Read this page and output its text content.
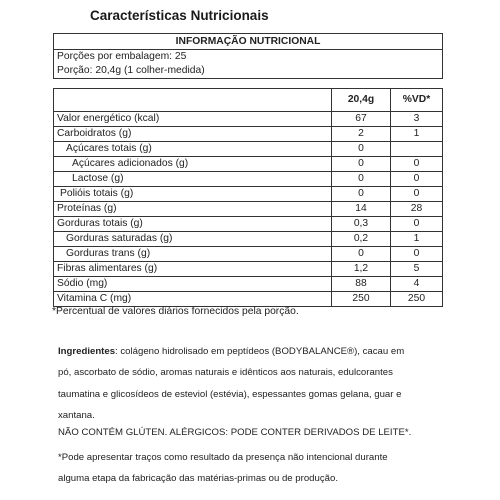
Características Nutricionais
INFORMAÇÃO NUTRICIONAL		
Porções por embalagem: 25		
Porção: 20,4g (1 colher-medida)		

	20,4g	%VD*
Valor energético (kcal)	67	3
Carboidratos (g)	2	1
Açúcares totais (g)	0	
Açúcares adicionados (g)	0	0
Lactose (g)	0	0
Polióis totais (g)	0	0
Proteínas (g)	14	28
Gorduras totais (g)	0,3	0
Gorduras saturadas (g)	0,2	1
Gorduras trans (g)	0	0
Fibras alimentares (g)	1,2	5
Sódio (mg)	88	4
Vitamina C (mg)	250	250
*Percentual de valores diários fornecidos pela porção.

Ingredientes: colágeno hidrolisado em peptídeos (BODYBALANCE®), cacau em

pó, ascorbato de sódio, aromas naturais e idênticos aos naturais, edulcorantes

taumatina e glicosídeos de esteviol (estévia), espessantes gomas gelana, guar e

xantana.

NÃO CONTÉM GLÚTEN. ALÉRGICOS: PODE CONTER DERIVADOS DE LEITE*.
*Pode apresentar traços como resultado da presença não intencional durante
alguma etapa da fabricação das matérias-primas ou de produção.
